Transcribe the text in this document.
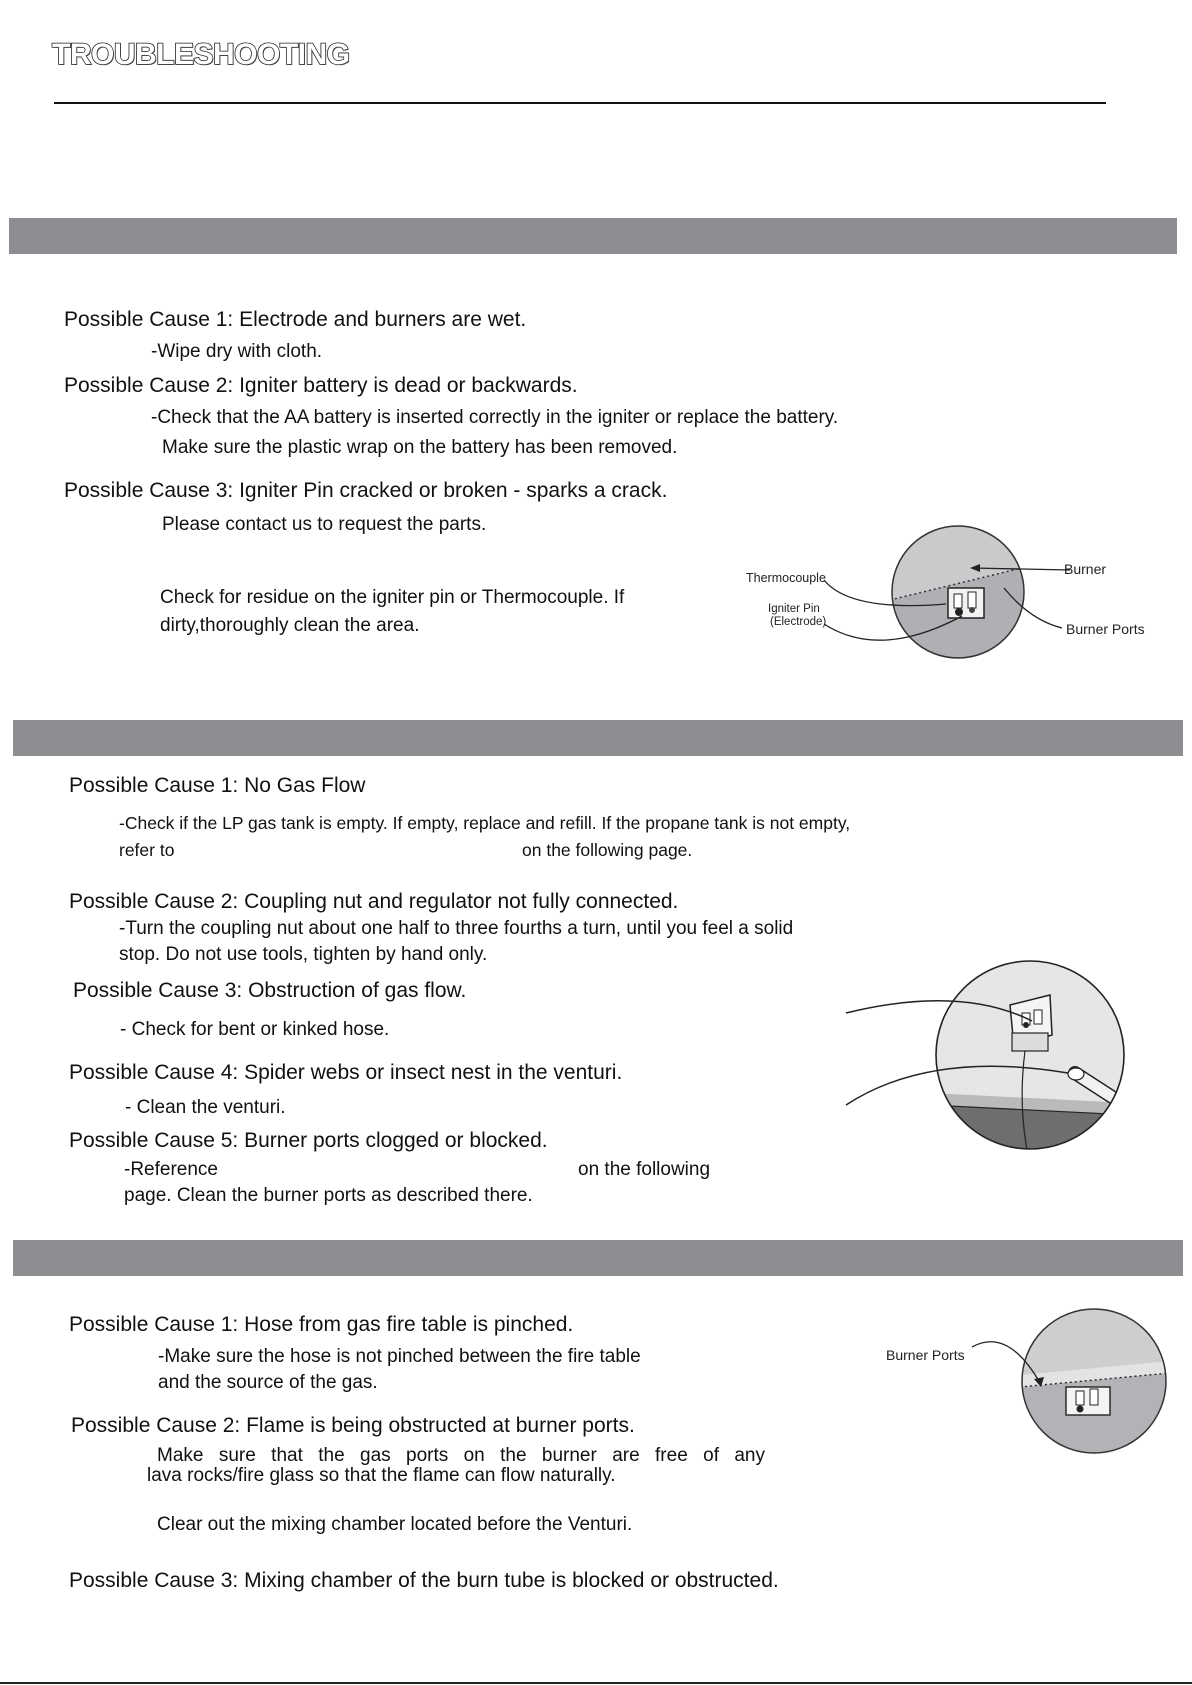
TROUBLESHOOTING
Possible Cause 1: Electrode and burners are wet.
-Wipe dry with cloth.
Possible Cause 2: Igniter battery is dead or backwards.
-Check that the AA battery is inserted correctly in the igniter or replace the battery.
Make sure the plastic wrap on the battery has been removed.
Possible Cause 3: Igniter Pin cracked or broken - sparks a crack.
Please contact us to request the parts.
Check for residue on the igniter pin or Thermocouple. If
dirty,thoroughly clean the area.
Thermocouple
Igniter Pin
(Electrode)
Burner
Burner Ports
Possible Cause 1: No Gas Flow
-Check if the LP gas tank is empty. If empty, replace and refill. If the propane tank is not empty,
refer to	on the following page.
Possible Cause 2: Coupling nut and regulator not fully connected.
-Turn the coupling nut about one half to three fourths a turn, until you feel a solid
stop. Do not use tools, tighten by hand only.
Possible Cause 3: Obstruction of gas flow.
- Check for bent or kinked hose.
Possible Cause 4: Spider webs or insect nest in the venturi.
- Clean the venturi.
Possible Cause 5: Burner ports clogged or blocked.
-Reference	on the following
page. Clean the burner ports as described there.
Possible Cause 1: Hose from gas fire table is pinched.
-Make sure the hose is not pinched between the fire table
and the source of the gas.
Possible Cause 2: Flame is being obstructed at burner ports.
Make sure that the gas ports on the burner are free of any
lava rocks/fire glass so that the flame can flow naturally.
Clear out the mixing chamber located before the Venturi.
Possible Cause 3: Mixing chamber of the burn tube is blocked or obstructed.
Burner Ports
